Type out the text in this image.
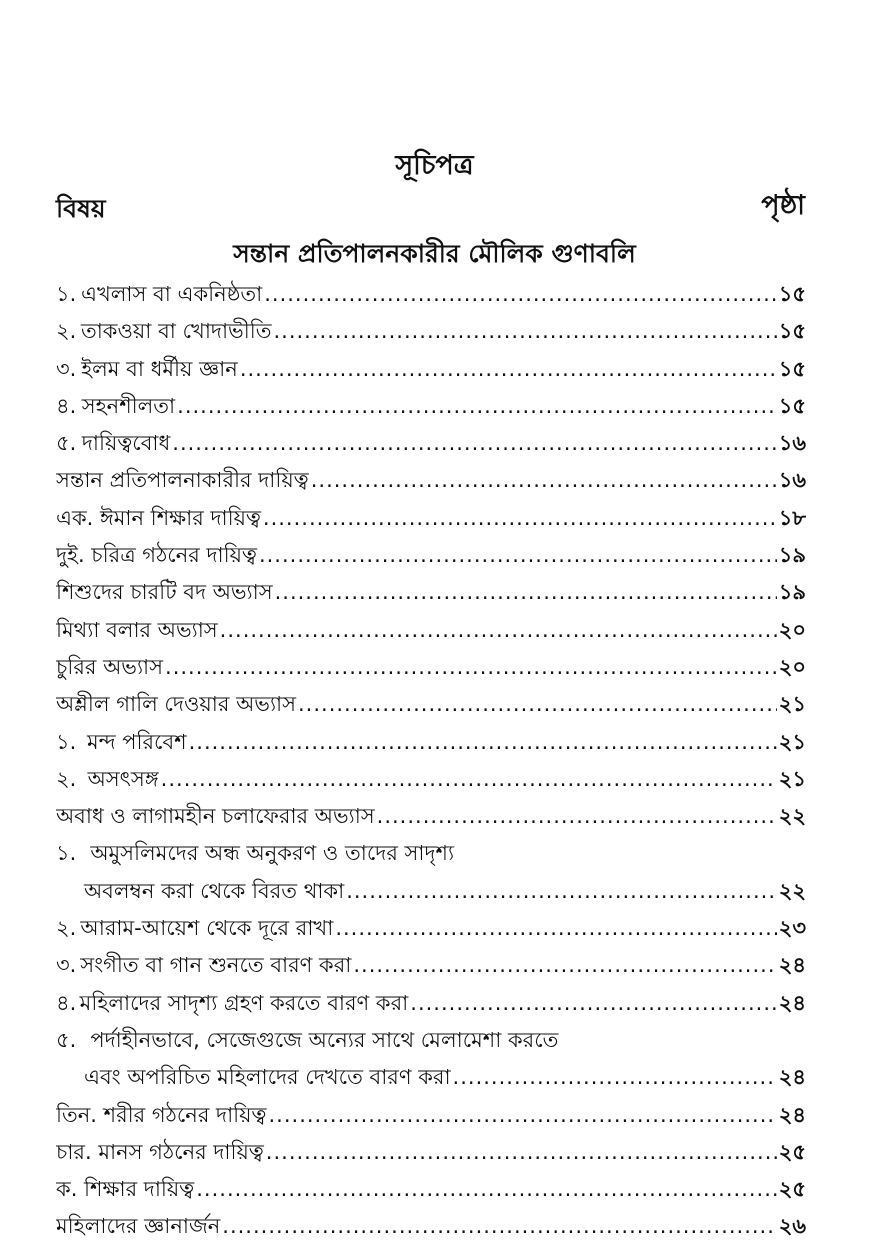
সূচিপত্র
বিষয়	পৃষ্ঠা
সন্তান প্রতিপালনকারীর মৌলিক গুণাবলি
১. এখলাস বা একনিষ্ঠতা .....	১৫
২. তাকওয়া বা খোদাভীতি .....	১৫
৩. ইলম বা ধর্মীয় জ্ঞান .....	১৫
৪. সহনশীলতা .....	১৫
৫. দায়িত্ববোধ .....	১৬
সন্তান প্রতিপালনাকারীর দায়িত্ব .....	১৬
এক. ঈমান শিক্ষার দায়িত্ব .....	১৮
দুই. চরিত্র গঠনের দায়িত্ব .....	১৯
শিশুদের চারটি বদ অভ্যাস .....	১৯
মিথ্যা বলার অভ্যাস .....	২০
চুরির অভ্যাস .....	২০
অশ্লীল গালি দেওয়ার অভ্যাস .....	২১
১. মন্দ পরিবেশ .....	২১
২. অসৎসঙ্গ .....	২১
অবাধ ও লাগামহীন চলাফেরার অভ্যাস .....	২২
১. অমুসলিমদের অন্ধ অনুকরণ ও তাদের সাদৃশ্য
অবলম্বন করা থেকে বিরত থাকা .....	২২
২. আরাম-আয়েশ থেকে দূরে রাখা .....	২৩
৩. সংগীত বা গান শুনতে বারণ করা .....	২৪
৪. মহিলাদের সাদৃশ্য গ্রহণ করতে বারণ করা .....	২৪
৫. পর্দাহীনভাবে, সেজেগুজে অন্যের সাথে মেলামেশা করতে
এবং অপরিচিত মহিলাদের দেখতে বারণ করা .....	২৪
তিন. শরীর গঠনের দায়িত্ব .....	২৪
চার. মানস গঠনের দায়িত্ব .....	২৫
ক. শিক্ষার দায়িত্ব .....	২৫
মহিলাদের জ্ঞানার্জন .....	২৬
